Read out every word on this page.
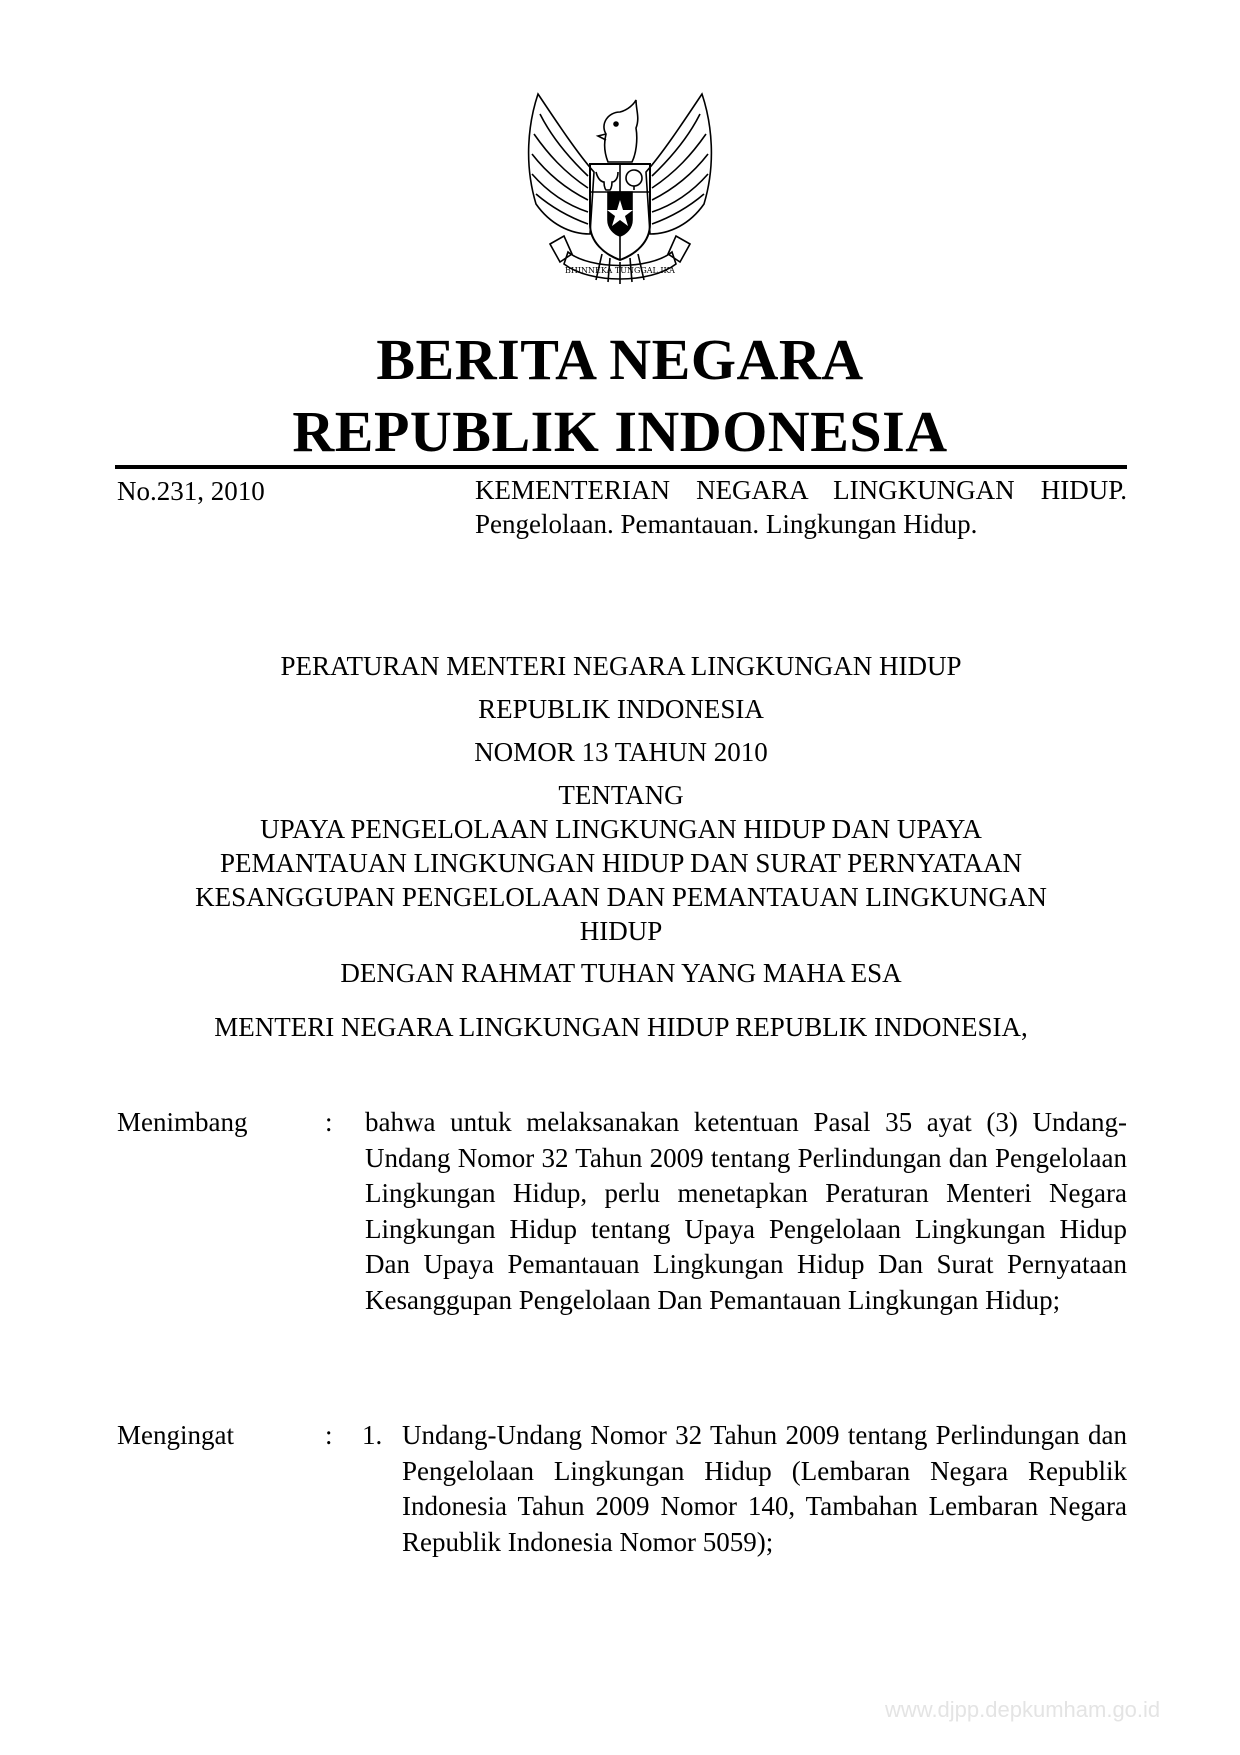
BHINNEKA TUNGGAL IKA
BERITA NEGARA
REPUBLIK INDONESIA
No.231, 2010	KEMENTERIAN NEGARA LINGKUNGAN HIDUP. Pengelolaan. Pemantauan. Lingkungan Hidup.
PERATURAN MENTERI NEGARA LINGKUNGAN HIDUP
REPUBLIK INDONESIA
NOMOR 13 TAHUN 2010
TENTANG
UPAYA PENGELOLAAN LINGKUNGAN HIDUP DAN UPAYA
PEMANTAUAN LINGKUNGAN HIDUP DAN SURAT PERNYATAAN
KESANGGUPAN PENGELOLAAN DAN PEMANTAUAN LINGKUNGAN
HIDUP
DENGAN RAHMAT TUHAN YANG MAHA ESA
MENTERI NEGARA LINGKUNGAN HIDUP REPUBLIK INDONESIA,
Menimbang	: bahwa untuk melaksanakan ketentuan Pasal 35 ayat (3) Undang-Undang Nomor 32 Tahun 2009 tentang Perlindungan dan Pengelolaan Lingkungan Hidup, perlu menetapkan Peraturan Menteri Negara Lingkungan Hidup tentang Upaya Pengelolaan Lingkungan Hidup Dan Upaya Pemantauan Lingkungan Hidup Dan Surat Pernyataan Kesanggupan Pengelolaan Dan Pemantauan Lingkungan Hidup;
Mengingat	: 1. Undang-Undang Nomor 32 Tahun 2009 tentang Perlindungan dan Pengelolaan Lingkungan Hidup (Lembaran Negara Republik Indonesia Tahun 2009 Nomor 140, Tambahan Lembaran Negara Republik Indonesia Nomor 5059);
www.djpp.depkumham.go.id
